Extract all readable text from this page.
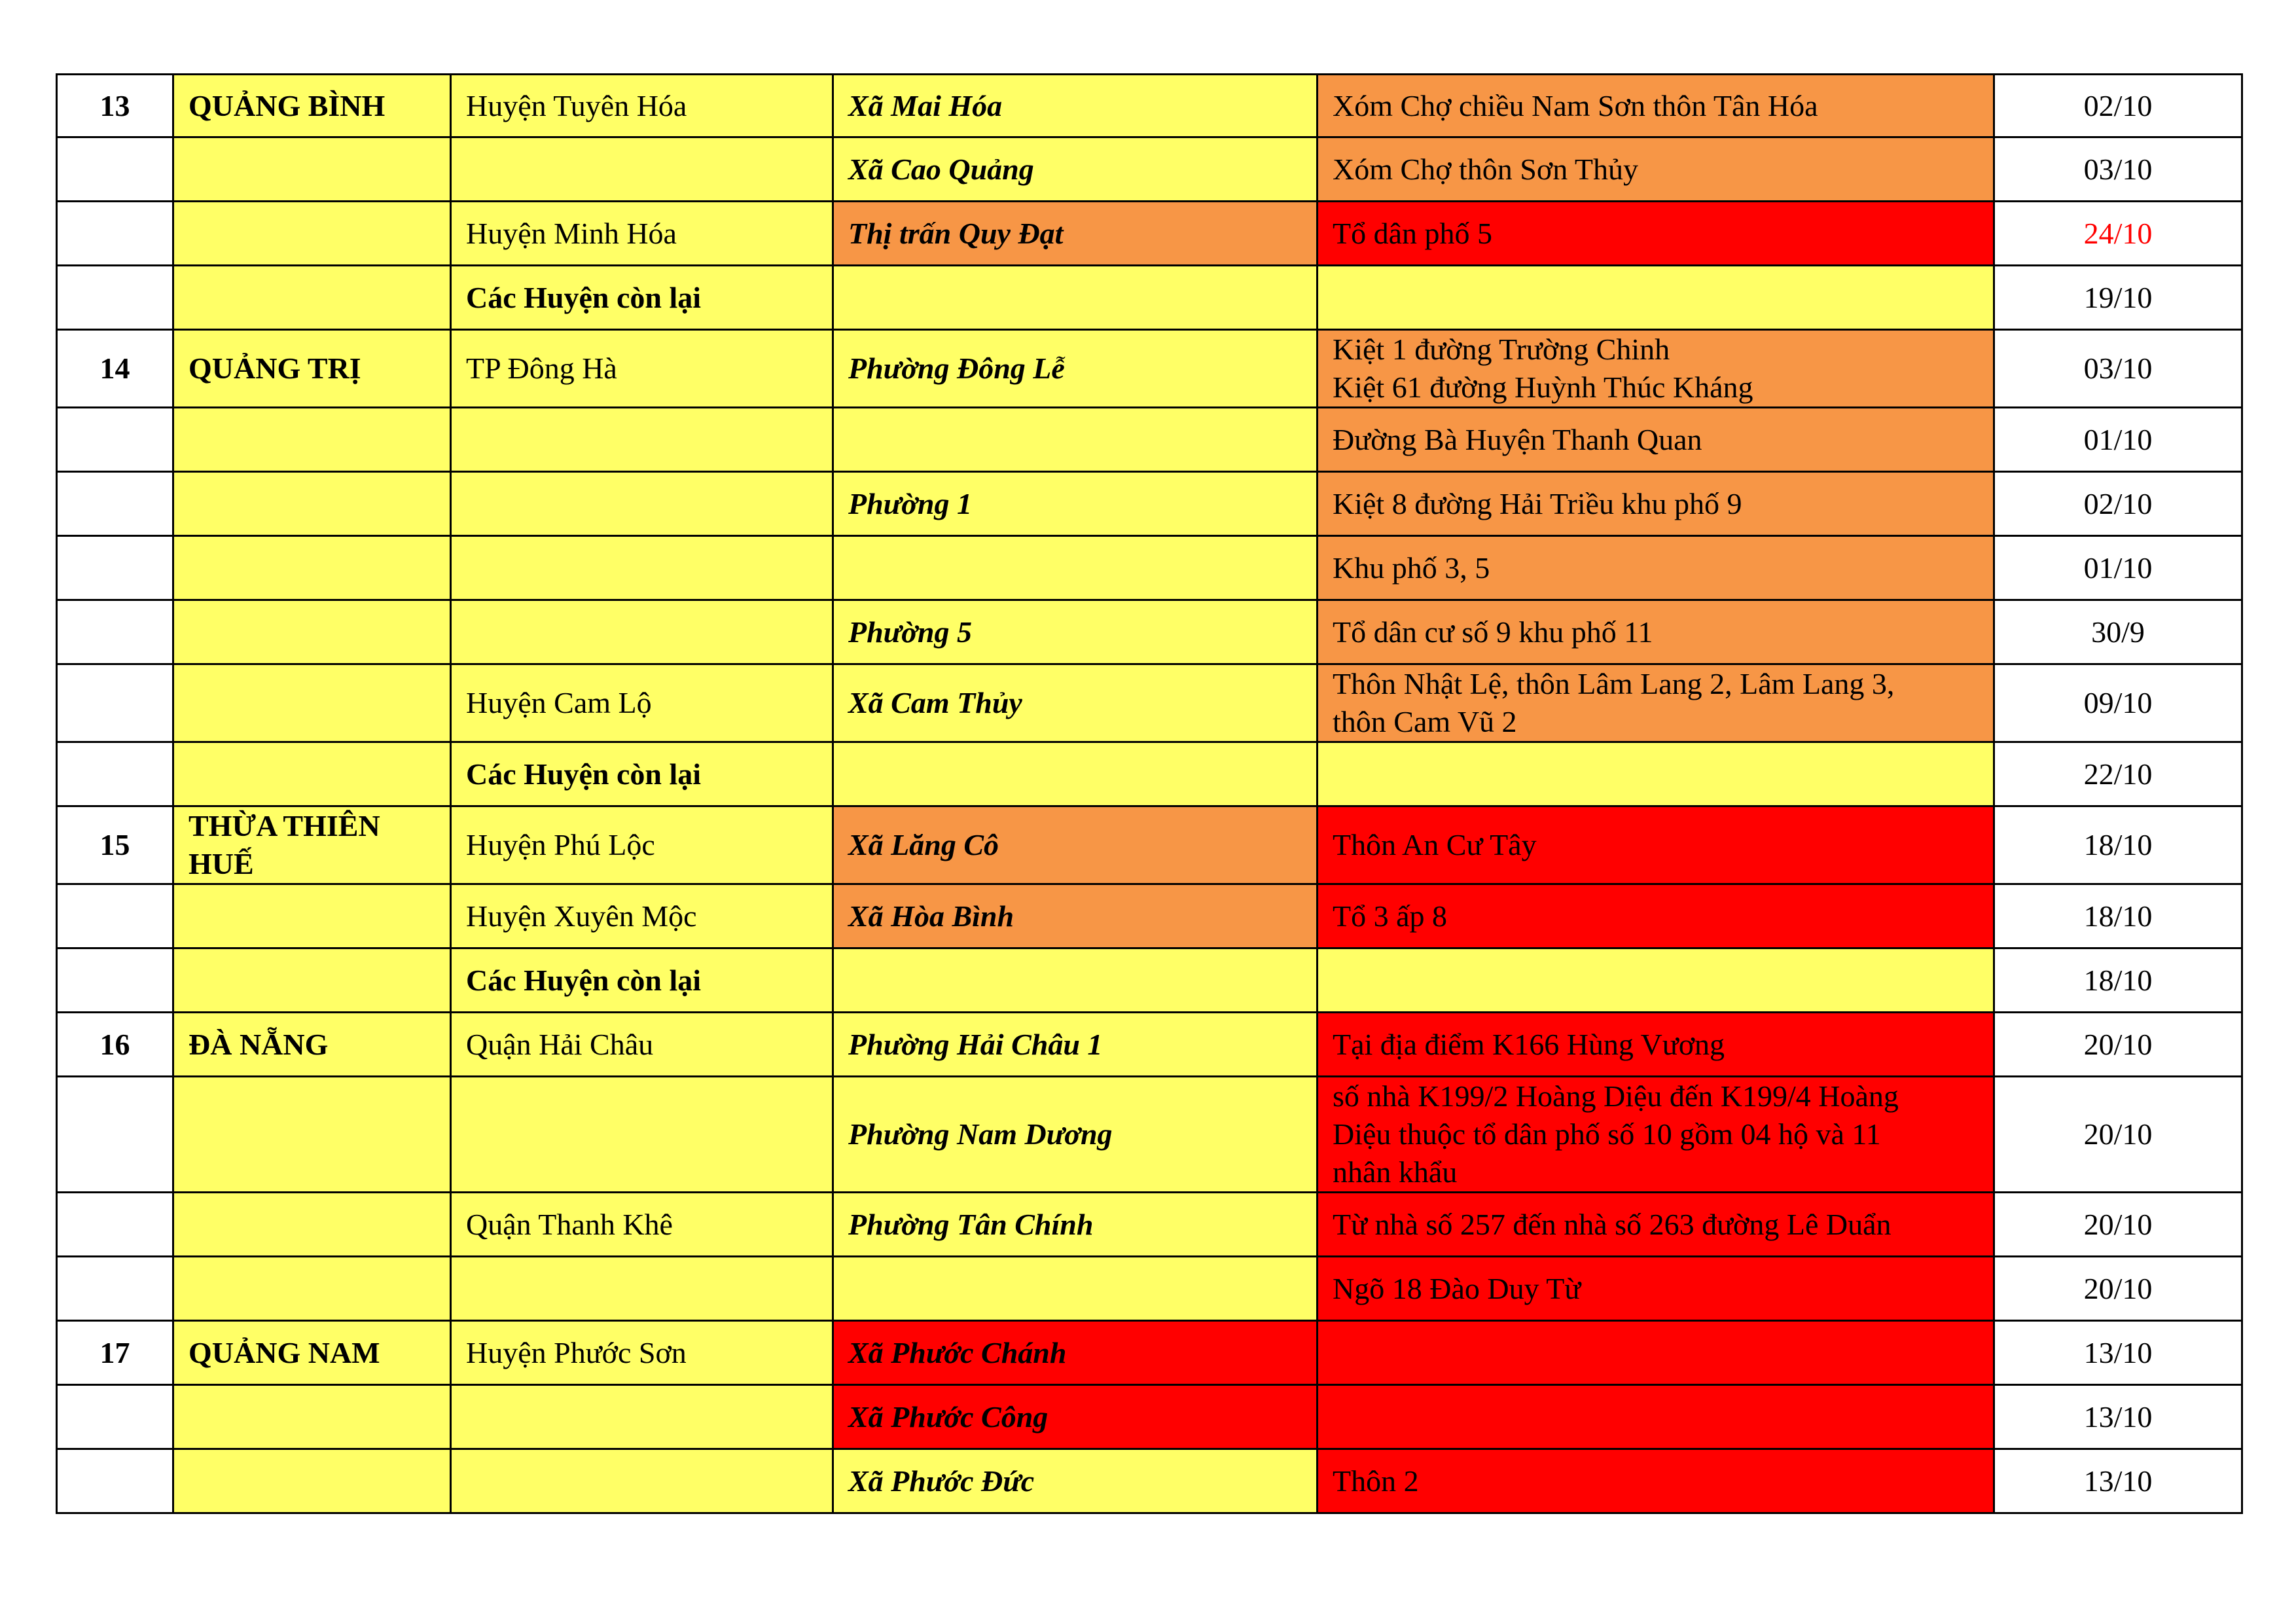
13	QUẢNG BÌNH	Huyện Tuyên Hóa	Xã Mai Hóa	Xóm Chợ chiều Nam Sơn thôn Tân Hóa	02/10
			Xã Cao Quảng	Xóm Chợ thôn Sơn Thủy	03/10
		Huyện Minh Hóa	Thị trấn Quy Đạt	Tổ dân phố 5	24/10
		Các Huyện còn lại			19/10
14	QUẢNG TRỊ	TP Đông Hà	Phường Đông Lễ	Kiệt 1 đường Trường Chinh
Kiệt 61 đường Huỳnh Thúc Kháng	03/10
				Đường Bà Huyện Thanh Quan	01/10
			Phường 1	Kiệt 8 đường Hải Triều khu phố 9	02/10
				Khu phố 3, 5	01/10
			Phường 5	Tổ dân cư số 9 khu phố 11	30/9
		Huyện Cam Lộ	Xã Cam Thủy	Thôn Nhật Lệ, thôn Lâm Lang 2, Lâm Lang 3,
thôn Cam Vũ 2	09/10
		Các Huyện còn lại			22/10
15	THỪA THIÊN
HUẾ	Huyện Phú Lộc	Xã Lăng Cô	Thôn An Cư Tây	18/10
		Huyện Xuyên Mộc	Xã Hòa Bình	Tổ 3 ấp 8	18/10
		Các Huyện còn lại			18/10
16	ĐÀ NẴNG	Quận Hải Châu	Phường Hải Châu 1	Tại địa điểm K166 Hùng Vương	20/10
			Phường Nam Dương	số nhà K199/2 Hoàng Diệu đến K199/4 Hoàng
Diệu thuộc tổ dân phố số 10 gồm 04 hộ và 11
nhân khẩu	20/10
		Quận Thanh Khê	Phường Tân Chính	Từ nhà số 257 đến nhà số 263 đường Lê Duẩn	20/10
				Ngõ 18 Đào Duy Từ	20/10
17	QUẢNG NAM	Huyện Phước Sơn	Xã Phước Chánh		13/10
			Xã Phước Công		13/10
			Xã Phước Đức	Thôn 2	13/10
